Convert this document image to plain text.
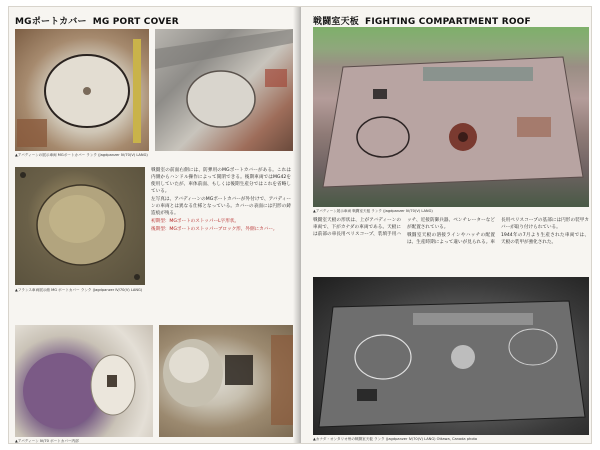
MGポートカバー MG PORT COVER
▲アバディーンの展示車両 MGポートカバー ランク (Jagdpanzer Ⅳ/70(V) LANG)
▲フランス車両展示館 MG ポートカバー ランク (Jagdpanzer Ⅳ/70(V) LANG)

戦闘室の前面右側には、防弾用のMGポートカバーがある。これは内側からハンドル操作によって開閉できる。後期車両ではMG42を使用していたが、車体前面、もしくは後期生産分ではこれを省略している。

左写真は、アバディーンのMGポートカバーが外付けで、アバディーンの車両とは異なる仕様となっている。カバーの表面には円形の鋳造痕が残る。

初期型：MGポートのストッパーL字形状。

後期型：MGポートのストッパーブロック形、外側にカバー。

▲アバディーン Ⅳ/70 ポートカバー内部
戦闘室天板 FIGHTING COMPARTMENT ROOF
▲アバディーン展示車両 戦闘室天板 ランク (Jagdpanzer Ⅳ/70(V) LANG)

戦闘室天板の形状は、上がアバディーンの車両で、下がカナダの車両である。天板には前部の車長用ペリスコープ、装填手用ハッチ、近接防御兵器、ベンチレーターなどが配置されている。

戦闘室天板の溶接ラインやハッチの配置は、生産時期によって違いが見られる。車長用ペリスコープの基部には円形の装甲カバーが取り付けられている。

1944年の7月より生産された車両では、天板の装甲が強化された。

▲カナダ・オンタリオ州の戦闘室天板 ランク (Jagdpanzer Ⅳ/70(V) LANG) Ottawa, Canada photo
